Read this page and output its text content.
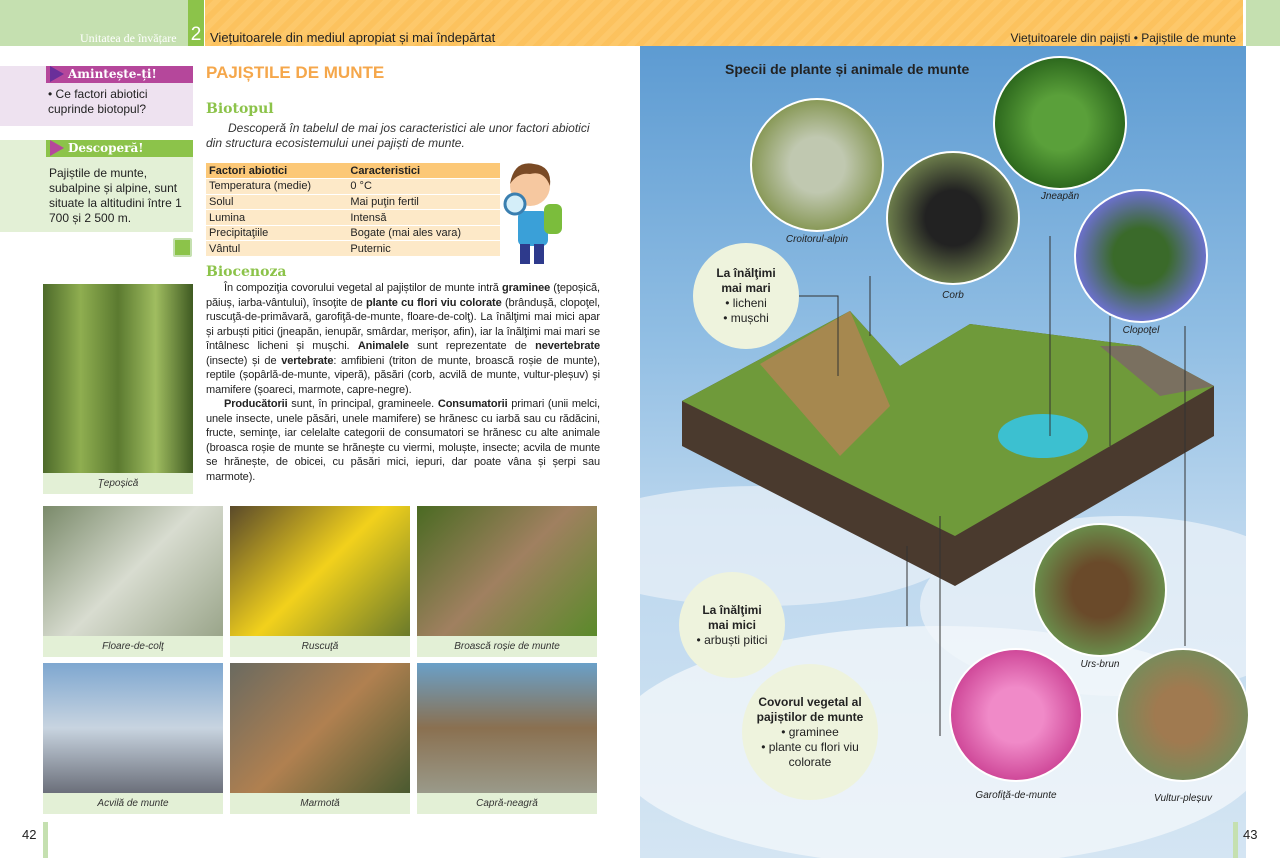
Unitatea de învățare 2 Viețuitoarele din mediul apropiat și mai îndepărtat	Viețuitoarele din pajiști • Pajiștile de munte
Amintește-ți!
• Ce factori abiotici cuprinde biotopul?
Descoperă!
Pajiștile de munte, subalpine și alpine, sunt situate la altitudini între 1 700 și 2 500 m.
PAJIȘTILE DE MUNTE
Biotopul
Descoperă în tabelul de mai jos caracteristici ale unor factori abiotici din structura ecosistemului unei pajiști de munte.
Factori abiotici	Caracteristici
Temperatura (medie)	0 °C
Solul	Mai puţin fertil
Lumina	Intensă
Precipitaţiile	Bogate (mai ales vara)
Vântul	Puternic
Biocenoza

În compoziţia covorului vegetal al pajiștilor de munte intră graminee (ţepoșică, păiuș, iarba-vântului), însoţite de plante cu flori viu colorate (brândușă, clopoţel, ruscuţă-de-primăvară, garofiţă-de-munte, floare-de-colţ). La înălţimi mai mici apar și arbuști pitici (jneapăn, ienupăr, smârdar, merișor, afin), iar la înălţimi mai mari se întâlnesc licheni și mușchi. Animalele sunt reprezentate de nevertebrate (insecte) și de vertebrate: amfibieni (triton de munte, broască roșie de munte), reptile (șopârlă-de-munte, viperă), păsări (corb, acvilă de munte, vultur-pleșuv) și mamifere (șoareci, marmote, capre-negre).

Producătorii sunt, în principal, gramineele. Consumatorii primari (unii melci, unele insecte, unele păsări, unele mamifere) se hrănesc cu iarbă sau cu rădăcini, fructe, seminţe, iar celelalte categorii de consumatori se hrănesc cu alte animale (broasca roșie de munte se hrănește cu viermi, moluște, insecte; acvila de munte se hrănește, de obicei, cu păsări mici, iepuri, dar poate vâna și șerpi sau marmote).

Ţepoșică
Floare-de-colţ	Ruscuţă	Broască roșie de munte
Acvilă de munte	Marmotă	Capră-neagră
42
Specii de plante și animale de munte
Croitorul-alpin
Corb
Jneapăn
Clopoţel
Urs-brun
Garofiţă-de-munte	Vultur-pleșuv
La înălţimi mai mari
• licheni
• mușchi
La înălţimi mai mici
• arbuști pitici
Covorul vegetal al pajiștilor de munte
• graminee
• plante cu flori viu colorate
43
